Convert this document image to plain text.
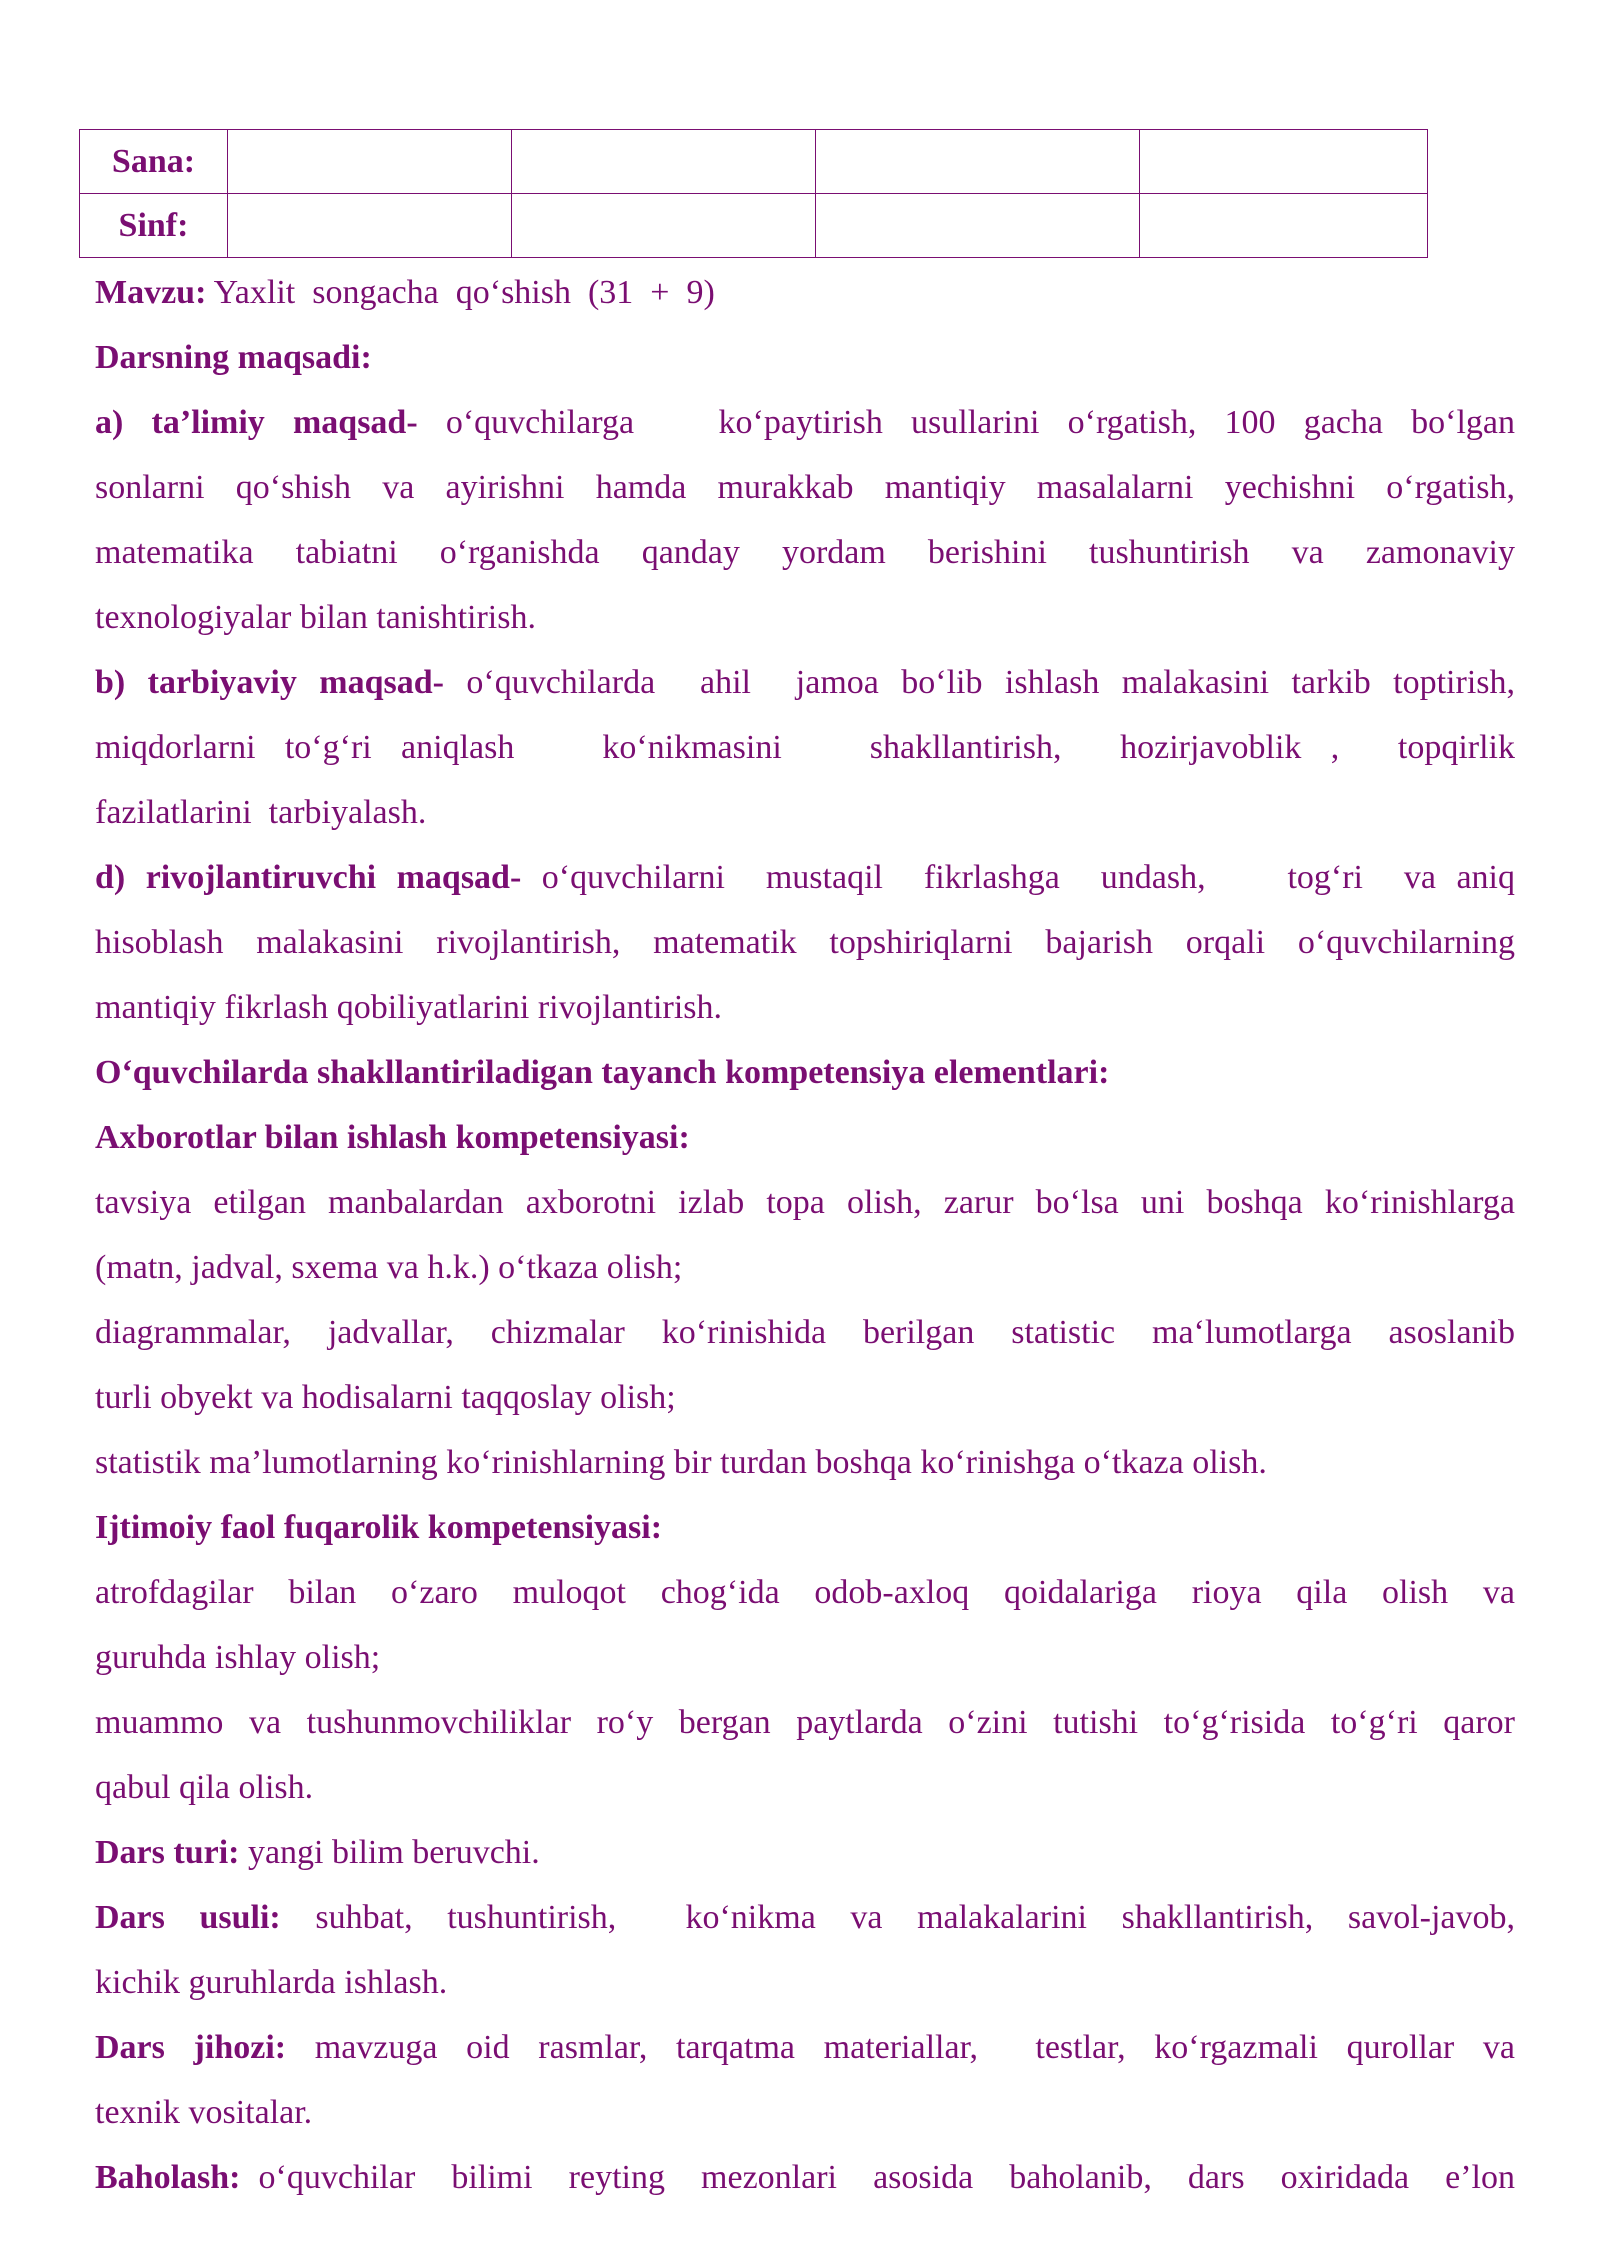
Sana:				
Sinf:				

Mavzu: Yaxlit  songacha  qo‘shish  (31  +  9)

Darsning maqsadi:

a) ta’limiy maqsad- o‘quvchilarga   ko‘paytirish usullarini o‘rgatish, 100 gacha bo‘lgan

sonlarni qo‘shish va ayirishni hamda murakkab mantiqiy masalalarni yechishni o‘rgatish,

matematika tabiatni o‘rganishda qanday yordam berishini tushuntirish va zamonaviy

texnologiyalar bilan tanishtirish.

b) tarbiyaviy maqsad- o‘quvchilarda  ahil  jamoa bo‘lib ishlash malakasini tarkib toptirish,

miqdorlarni to‘g‘ri aniqlash   ko‘nikmasini   shakllantirish,  hozirjavoblik ,  topqirlik

fazilatlarini  tarbiyalash.

d) rivojlantiruvchi maqsad- o‘quvchilarni  mustaqil  fikrlashga  undash,    tog‘ri  va aniq

hisoblash malakasini rivojlantirish, matematik topshiriqlarni bajarish orqali o‘quvchilarning

mantiqiy fikrlash qobiliyatlarini rivojlantirish.

O‘quvchilarda shakllantiriladigan tayanch kompetensiya elementlari:

Axborotlar bilan ishlash kompetensiyasi:

tavsiya etilgan manbalardan axborotni izlab topa olish, zarur bo‘lsa uni boshqa ko‘rinishlarga

(matn, jadval, sxema va h.k.) o‘tkaza olish;

diagrammalar, jadvallar, chizmalar ko‘rinishida berilgan statistic ma‘lumotlarga asoslanib

turli obyekt va hodisalarni taqqoslay olish;

statistik ma’lumotlarning ko‘rinishlarning bir turdan boshqa ko‘rinishga o‘tkaza olish.

Ijtimoiy faol fuqarolik kompetensiyasi:

atrofdagilar bilan o‘zaro muloqot chog‘ida odob-axloq qoidalariga rioya qila olish va

guruhda ishlay olish;

muammo va tushunmovchiliklar ro‘y bergan paytlarda o‘zini tutishi to‘g‘risida to‘g‘ri qaror

qabul qila olish.

Dars turi: yangi bilim beruvchi.

Dars usuli: suhbat, tushuntirish,  ko‘nikma va malakalarini shakllantirish, savol-javob,

kichik guruhlarda ishlash.

Dars jihozi: mavzuga oid rasmlar, tarqatma materiallar,  testlar, ko‘rgazmali qurollar va

texnik vositalar.

Baholash: o‘quvchilar  bilimi  reyting  mezonlari  asosida  baholanib,  dars  oxiridada  e’lon
